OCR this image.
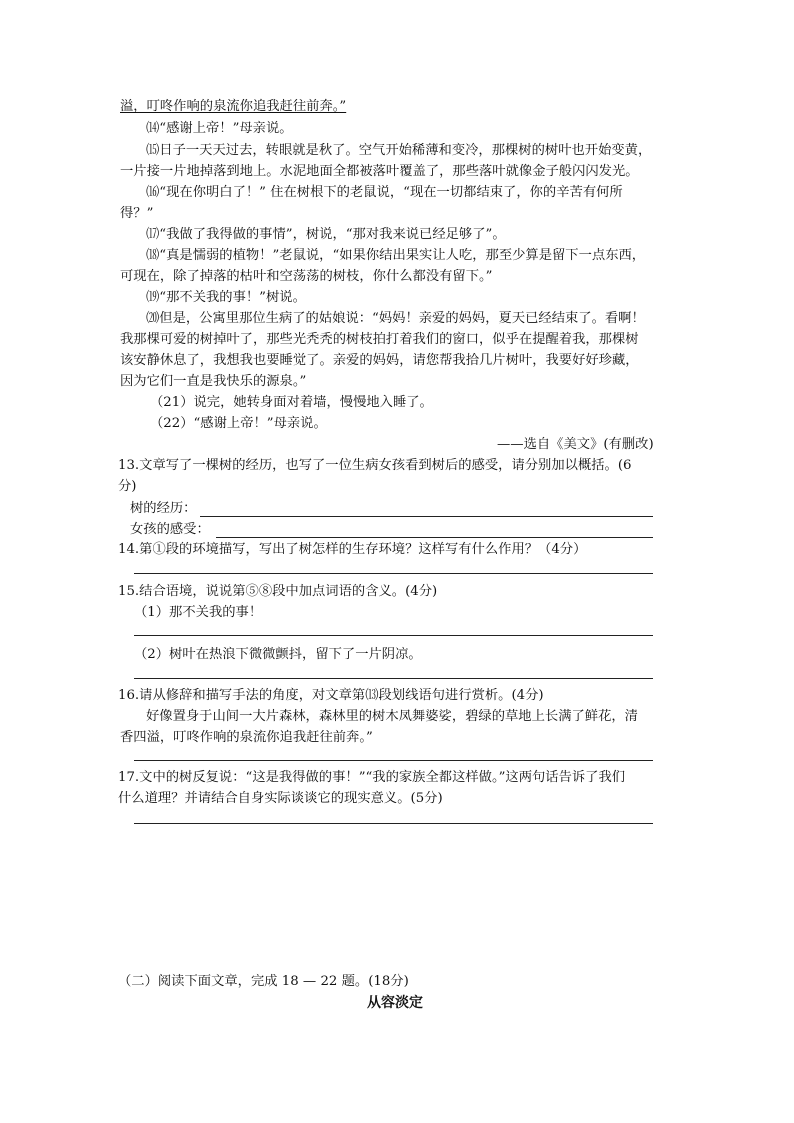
溢，叮咚作响的泉流你追我赶往前奔。”
⒁“感谢上帝！”母亲说。
⒂日子一天天过去，转眼就是秋了。空气开始稀薄和变冷，那棵树的树叶也开始变黄，
一片接一片地掉落到地上。水泥地面全都被落叶覆盖了，那些落叶就像金子般闪闪发光。
⒃“现在你明白了！” 住在树根下的老鼠说，“现在一切都结束了，你的辛苦有何所
得？”
⒄“我做了我得做的事情”，树说，“那对我来说已经足够了”。
⒅“真是懦弱的植物！”老鼠说，“如果你结出果实让人吃，那至少算是留下一点东西，
可现在，除了掉落的枯叶和空荡荡的树枝，你什么都没有留下。”
⒆“那不关我的事！”树说。
⒇但是，公寓里那位生病了的姑娘说：“妈妈！亲爱的妈妈，夏天已经结束了。看啊！
我那棵可爱的树掉叶了，那些光秃秃的树枝拍打着我们的窗口，似乎在提醒着我，那棵树
该安静休息了，我想我也要睡觉了。亲爱的妈妈，请您帮我拾几片树叶，我要好好珍藏，
因为它们一直是我快乐的源泉。”
（21）说完，她转身面对着墙，慢慢地入睡了。
（22）“感谢上帝！”母亲说。
——选自《美文》(有删改)
13.文章写了一棵树的经历，也写了一位生病女孩看到树后的感受，请分别加以概括。(6
分)
树的经历：
女孩的感受：
14.第①段的环境描写，写出了树怎样的生存环境？这样写有什么作用？（4分）
15.结合语境，说说第⑤⑧段中加点词语的含义。(4分)
（1）那不关我的事！
（2）树叶在热浪下微微颤抖，留下了一片阴凉。
16.请从修辞和描写手法的角度，对文章第⒀段划线语句进行赏析。(4分)
好像置身于山间一大片森林，森林里的树木凤舞婆娑，碧绿的草地上长满了鲜花，清
香四溢，叮咚作响的泉流你追我赶往前奔。”
17.文中的树反复说：“这是我得做的事！”“我的家族全都这样做。”这两句话告诉了我们
什么道理？并请结合自身实际谈谈它的现实意义。(5分)
（二）阅读下面文章，完成 18 — 22 题。(18分)
从容淡定
